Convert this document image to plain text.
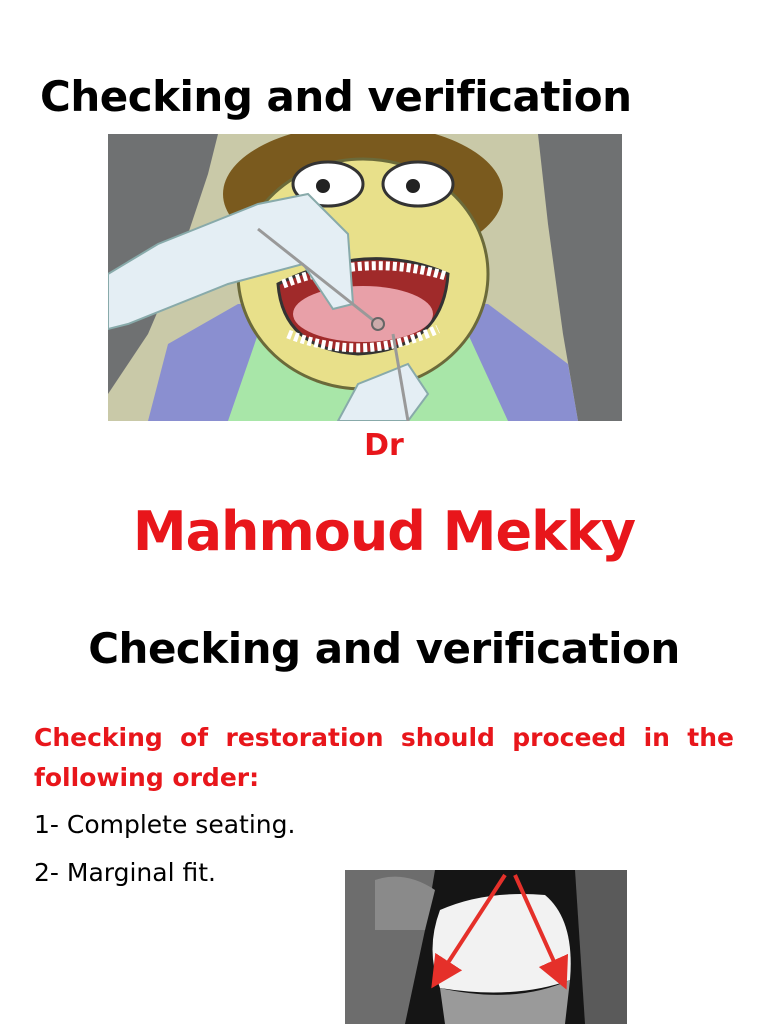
Checking and verification
Dr
Mahmoud Mekky
Checking and verification
Checking of restoration should proceed in the following order:
1- Complete seating.
2- Marginal fit.
